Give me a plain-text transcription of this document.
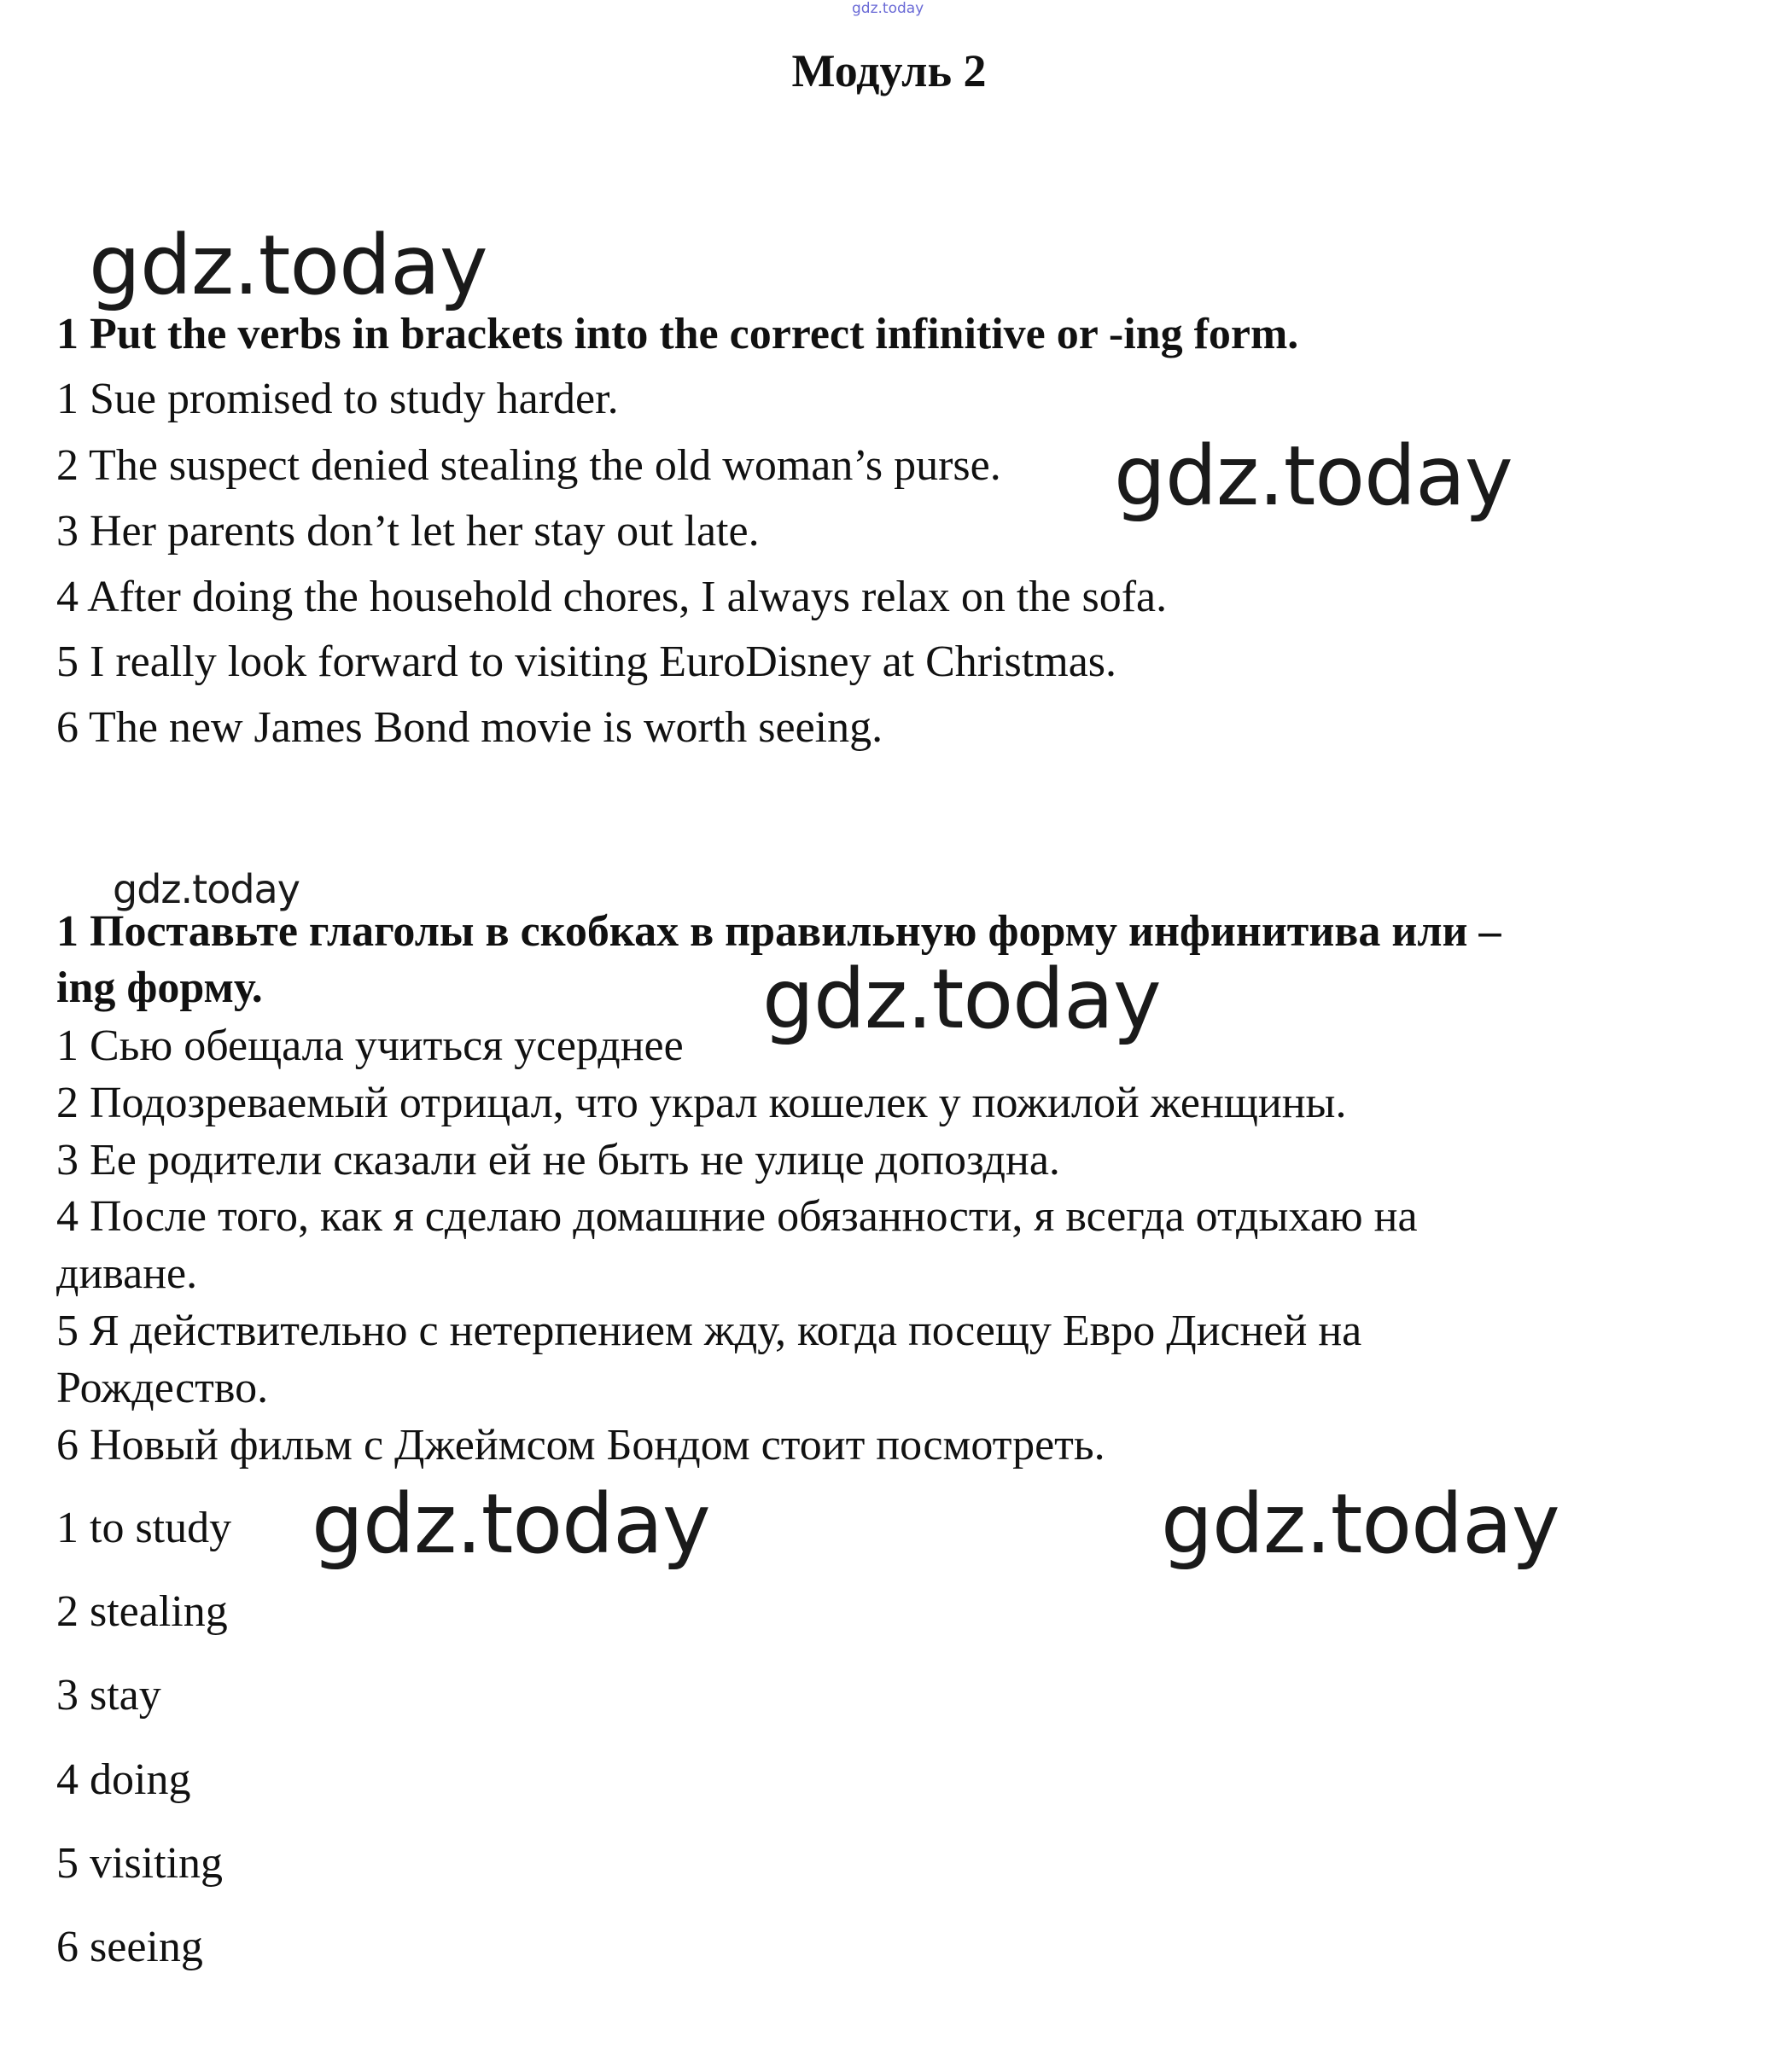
gdz.today
Модуль 2
gdz.today
1 Put the verbs in brackets into the correct infinitive or -ing form.
1 Sue promised to study harder.
2 The suspect denied stealing the old woman’s purse. gdz.today
3 Her parents don’t let her stay out late.
4 After doing the household chores, I always relax on the sofa.
5 I really look forward to visiting EuroDisney at Christmas.
6 The new James Bond movie is worth seeing.
gdz.today
1 Поставьте глаголы в скобках в правильную форму инфинитива или –
ing форму.	gdz.today
1 Сью обещала учиться усерднее
2 Подозреваемый отрицал, что украл кошелек у пожилой женщины.
3 Ее родители сказали ей не быть не улице допоздна.
4 После того, как я сделаю домашние обязанности, я всегда отдыхаю на
диване.
5 Я действительно с нетерпением жду, когда посещу Евро Дисней на
Рождество.
6 Новый фильм с Джеймсом Бондом стоит посмотреть.
1 to study gdz.today	gdz.today
2 stealing
3 stay
4 doing
5 visiting
6 seeing
